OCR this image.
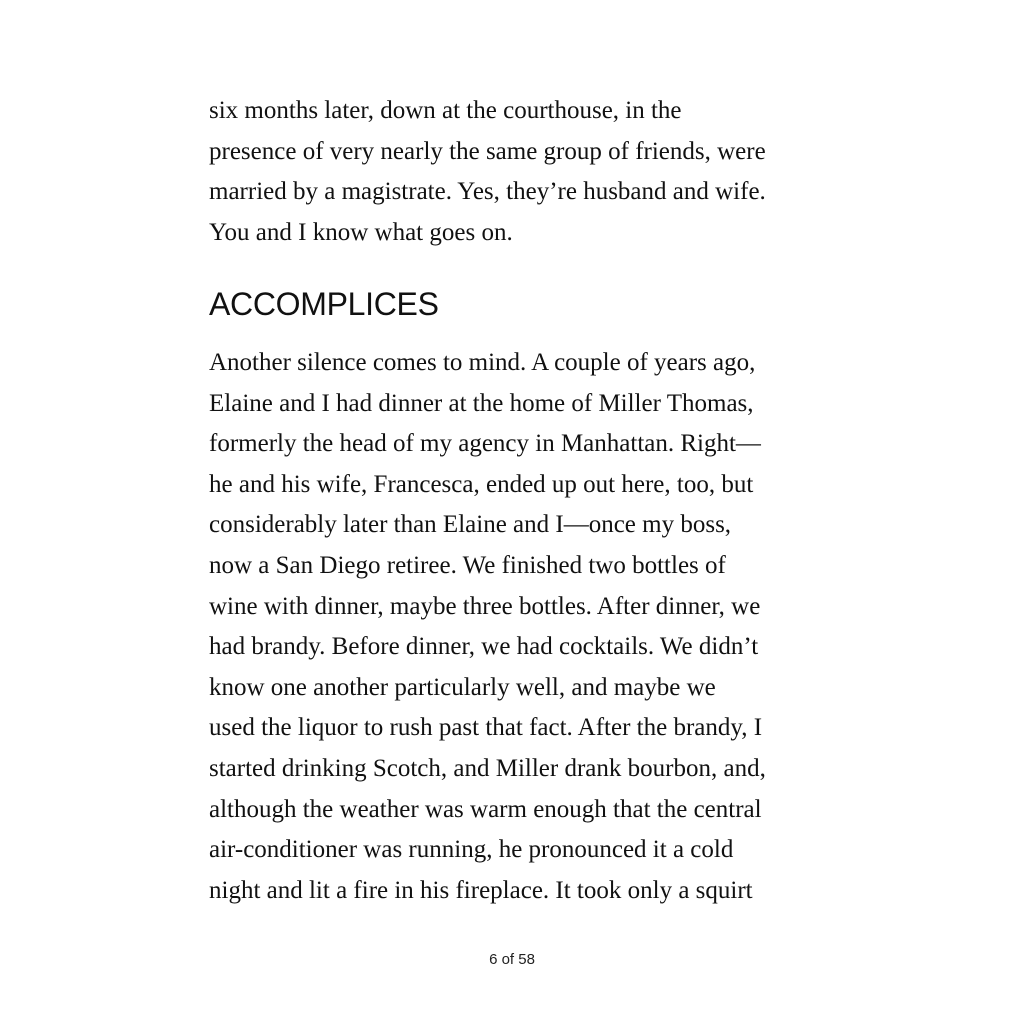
six months later, down at the courthouse, in the
presence of very nearly the same group of friends, were
married by a magistrate. Yes, they’re husband and wife.
You and I know what goes on.
ACCOMPLICES
Another silence comes to mind. A couple of years ago,
Elaine and I had dinner at the home of Miller Thomas,
formerly the head of my agency in Manhattan. Right—
he and his wife, Francesca, ended up out here, too, but
considerably later than Elaine and I—once my boss,
now a San Diego retiree. We finished two bottles of
wine with dinner, maybe three bottles. After dinner, we
had brandy. Before dinner, we had cocktails. We didn’t
know one another particularly well, and maybe we
used the liquor to rush past that fact. After the brandy, I
started drinking Scotch, and Miller drank bourbon, and,
although the weather was warm enough that the central
air-conditioner was running, he pronounced it a cold
night and lit a fire in his fireplace. It took only a squirt
6 of 58
